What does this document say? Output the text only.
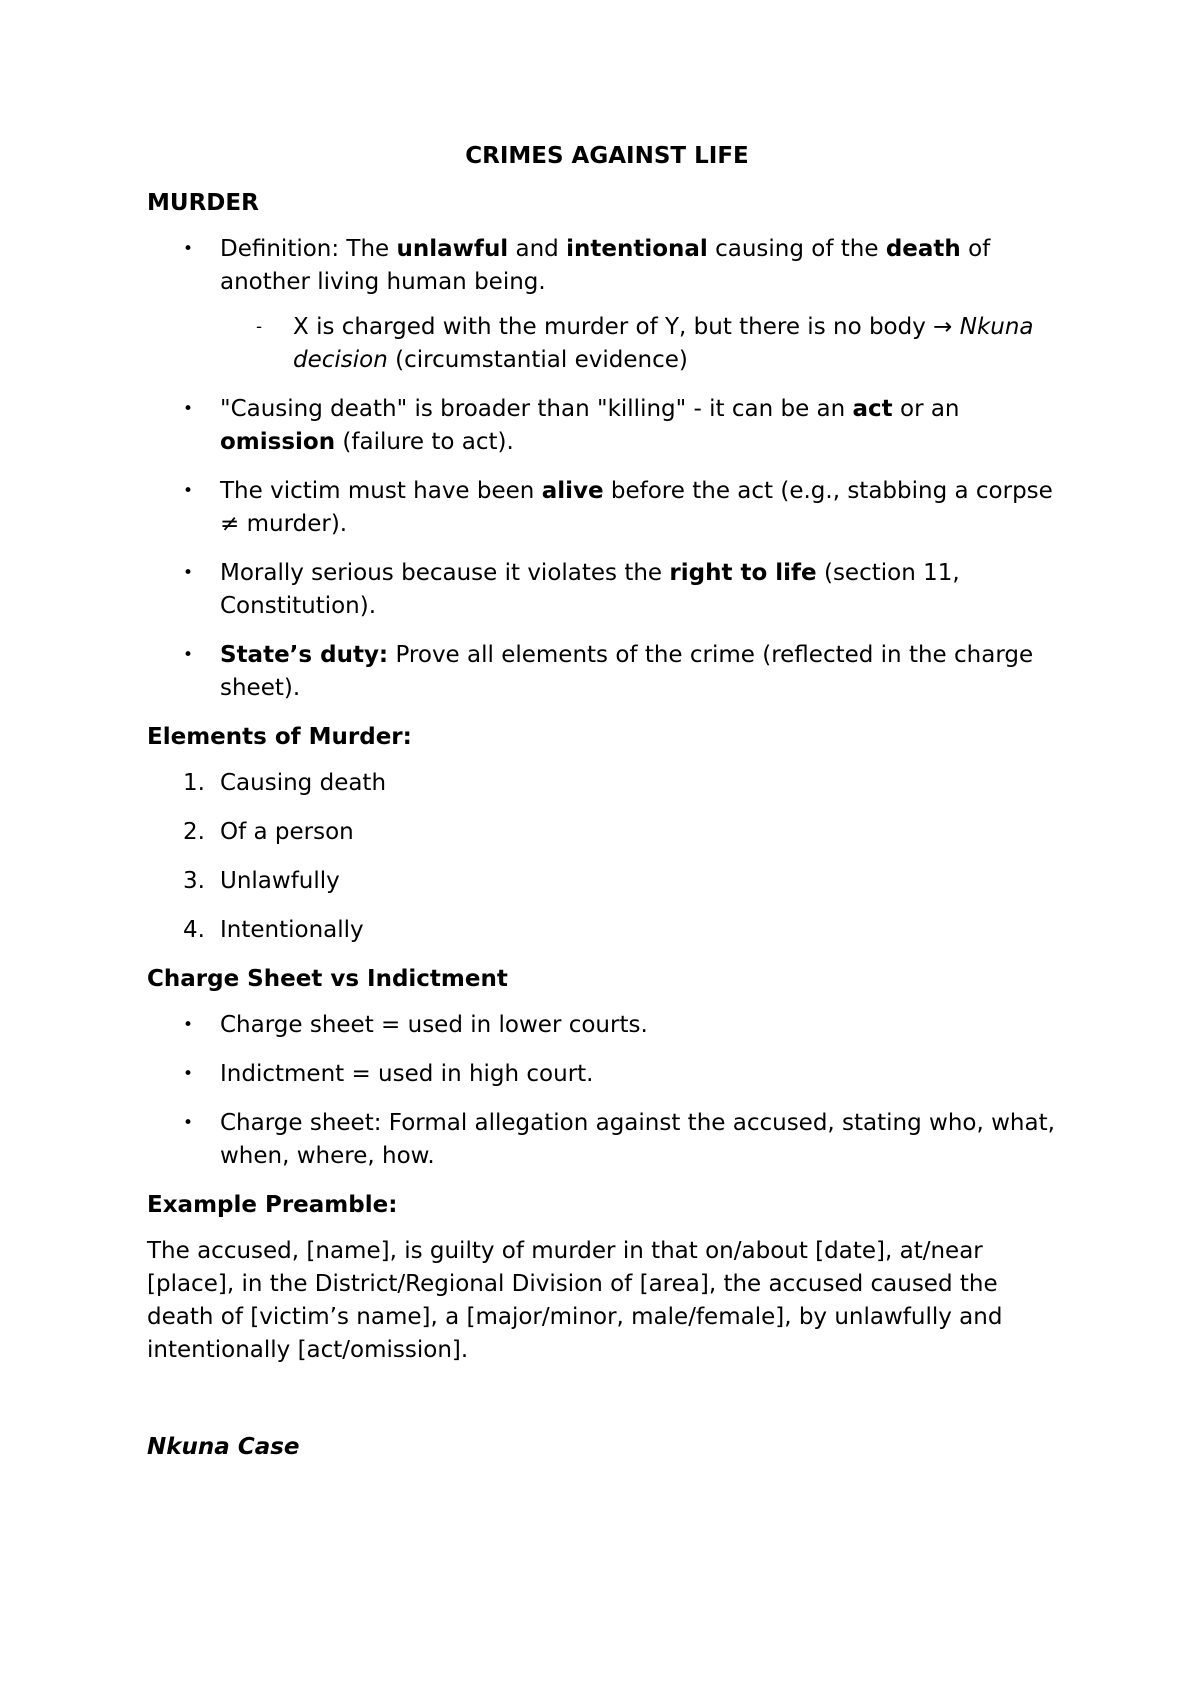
CRIMES AGAINST LIFE
MURDER
• Definition: The unlawful and intentional causing of the death of another living human being.
- X is charged with the murder of Y, but there is no body → Nkuna decision (circumstantial evidence)
• "Causing death" is broader than "killing" - it can be an act or an omission (failure to act).
• The victim must have been alive before the act (e.g., stabbing a corpse ≠ murder).
• Morally serious because it violates the right to life (section 11, Constitution).
• State’s duty: Prove all elements of the crime (reflected in the charge sheet).
Elements of Murder:
1. Causing death
2. Of a person
3. Unlawfully
4. Intentionally
Charge Sheet vs Indictment
• Charge sheet = used in lower courts.
• Indictment = used in high court.
• Charge sheet: Formal allegation against the accused, stating who, what, when, where, how.
Example Preamble:
The accused, [name], is guilty of murder in that on/about [date], at/near [place], in the District/Regional Division of [area], the accused caused the death of [victim’s name], a [major/minor, male/female], by unlawfully and intentionally [act/omission].
Nkuna Case
